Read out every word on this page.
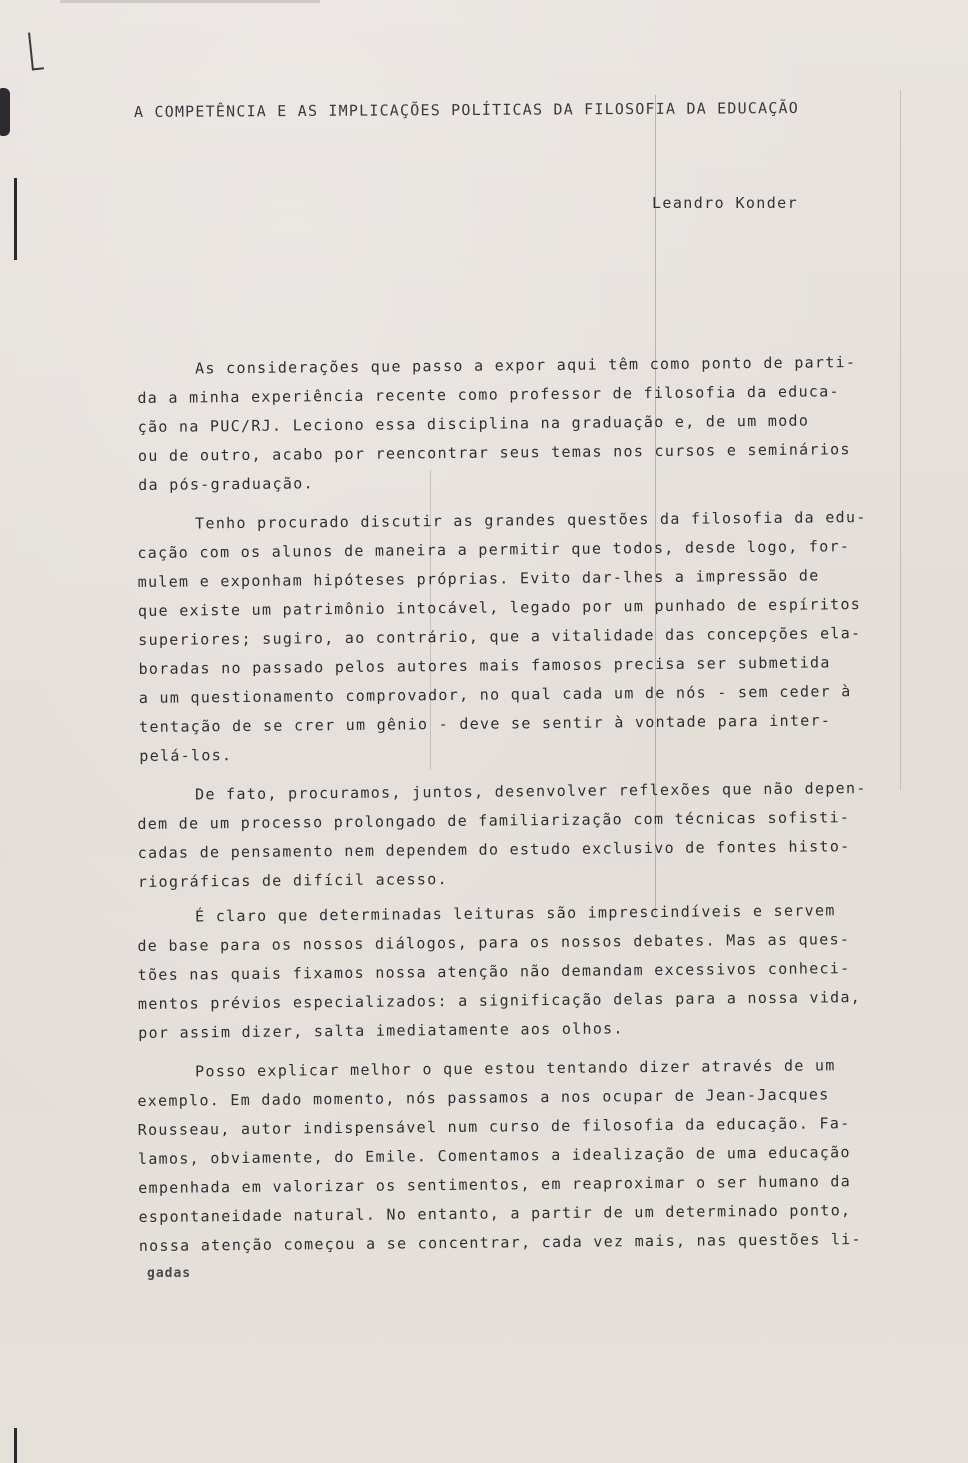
A COMPETÊNCIA E AS IMPLICAÇÕES POLÍTICAS DA FILOSOFIA DA EDUCAÇÃO
Leandro Konder
As considerações que passo a expor aqui têm como ponto de parti-
da a minha experiência recente como professor de filosofia da educa-
ção na PUC/RJ. Leciono essa disciplina na graduação e, de um modo
ou de outro, acabo por reencontrar seus temas nos cursos e seminários
da pós-graduação.
Tenho procurado discutir as grandes questões da filosofia da edu-
cação com os alunos de maneira a permitir que todos, desde logo, for-
mulem e exponham hipóteses próprias. Evito dar-lhes a impressão de
que existe um patrimônio intocável, legado por um punhado de espíritos
superiores; sugiro, ao contrário, que a vitalidade das concepções ela-
boradas no passado pelos autores mais famosos precisa ser submetida
a um questionamento comprovador, no qual cada um de nós - sem ceder à
tentação de se crer um gênio - deve se sentir à vontade para inter-
pelá-los.
De fato, procuramos, juntos, desenvolver reflexões que não depen-
dem de um processo prolongado de familiarização com técnicas sofisti-
cadas de pensamento nem dependem do estudo exclusivo de fontes histo-
riográficas de difícil acesso.
É claro que determinadas leituras são imprescindíveis e servem
de base para os nossos diálogos, para os nossos debates. Mas as ques-
tões nas quais fixamos nossa atenção não demandam excessivos conheci-
mentos prévios especializados: a significação delas para a nossa vida,
por assim dizer, salta imediatamente aos olhos.
Posso explicar melhor o que estou tentando dizer através de um
exemplo. Em dado momento, nós passamos a nos ocupar de Jean-Jacques
Rousseau, autor indispensável num curso de filosofia da educação. Fa-
lamos, obviamente, do Emile. Comentamos a idealização de uma educação
empenhada em valorizar os sentimentos, em reaproximar o ser humano da
espontaneidade natural. No entanto, a partir de um determinado ponto,
nossa atenção começou a se concentrar, cada vez mais, nas questões li-
gadas
